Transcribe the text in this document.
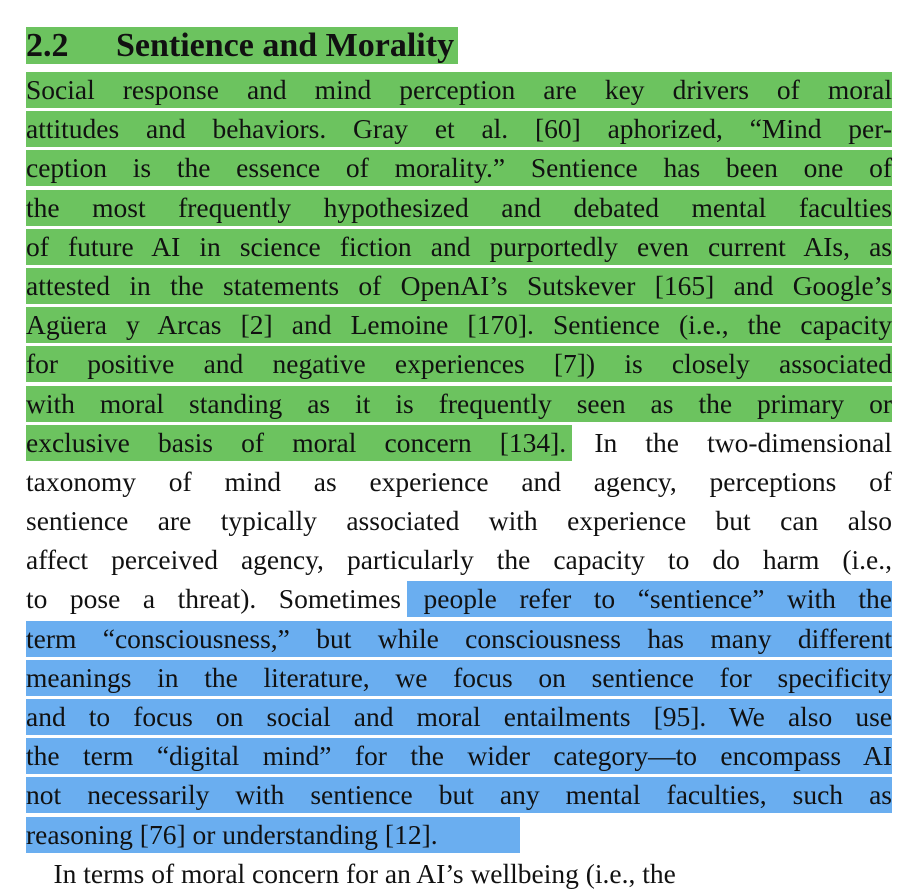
2.2 Sentience and Morality
Social response and mind perception are key drivers of moral
attitudes and behaviors. Gray et al. [60] aphorized, “Mind per-
ception is the essence of morality.” Sentience has been one of
the most frequently hypothesized and debated mental faculties
of future AI in science fiction and purportedly even current AIs, as
attested in the statements of OpenAI’s Sutskever [165] and Google’s
Agüera y Arcas [2] and Lemoine [170]. Sentience (i.e., the capacity
for positive and negative experiences [7]) is closely associated
with moral standing as it is frequently seen as the primary or
exclusive basis of moral concern [134]. In the two-dimensional
taxonomy of mind as experience and agency, perceptions of
sentience are typically associated with experience but can also
affect perceived agency, particularly the capacity to do harm (i.e.,
to pose a threat). Sometimes people refer to “sentience” with the
term “consciousness,” but while consciousness has many different
meanings in the literature, we focus on sentience for specificity
and to focus on social and moral entailments [95]. We also use
the term “digital mind” for the wider category—to encompass AI
not necessarily with sentience but any mental faculties, such as
reasoning [76] or understanding [12].
In terms of moral concern for an AI’s wellbeing (i.e., the
